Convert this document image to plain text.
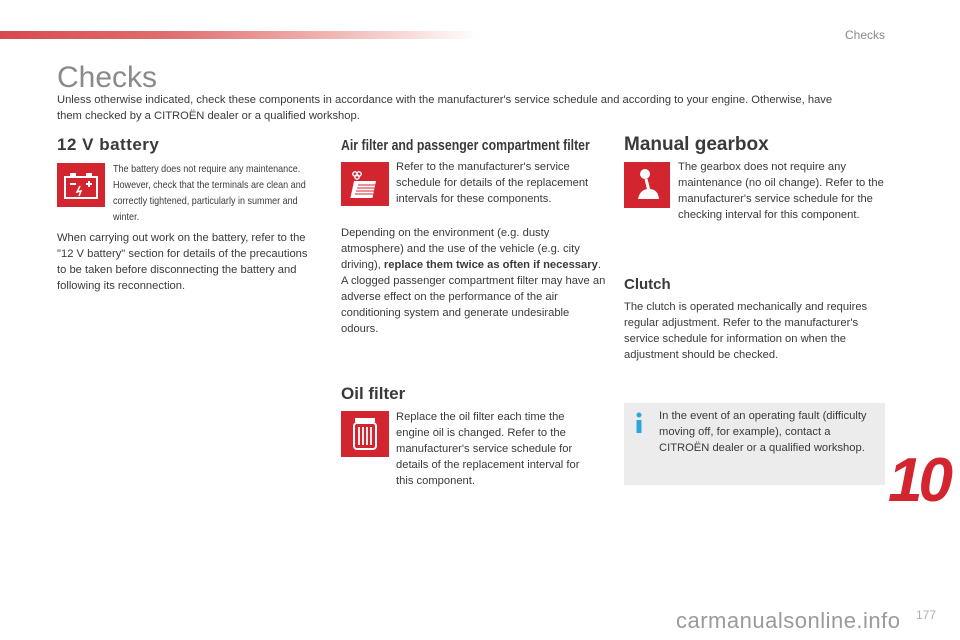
Checks
Checks

Unless otherwise indicated, check these components in accordance with the manufacturer's service schedule and according to your engine. Otherwise, have them checked by a CITROËN dealer or a qualified workshop.

12 V battery

The battery does not require any maintenance. However, check that the terminals are clean and correctly tightened, particularly in summer and winter.

When carrying out work on the battery, refer to the "12 V battery" section for details of the precautions to be taken before disconnecting the battery and following its reconnection.

Air filter and passenger compartment filter

Refer to the manufacturer's service schedule for details of the replacement intervals for these components.

Depending on the environment (e.g. dusty atmosphere) and the use of the vehicle (e.g. city driving), replace them twice as often if necessary.
A clogged passenger compartment filter may have an adverse effect on the performance of the air conditioning system and generate undesirable odours.

Oil filter

Replace the oil filter each time the engine oil is changed. Refer to the manufacturer's service schedule for details of the replacement interval for this component.

Manual gearbox

The gearbox does not require any maintenance (no oil change). Refer to the manufacturer's service schedule for the checking interval for this component.

Clutch

The clutch is operated mechanically and requires regular adjustment. Refer to the manufacturer's service schedule for information on when the adjustment should be checked.

In the event of an operating fault (difficulty moving off, for example), contact a CITROËN dealer or a qualified workshop. 10

carmanualsonline.info 177
